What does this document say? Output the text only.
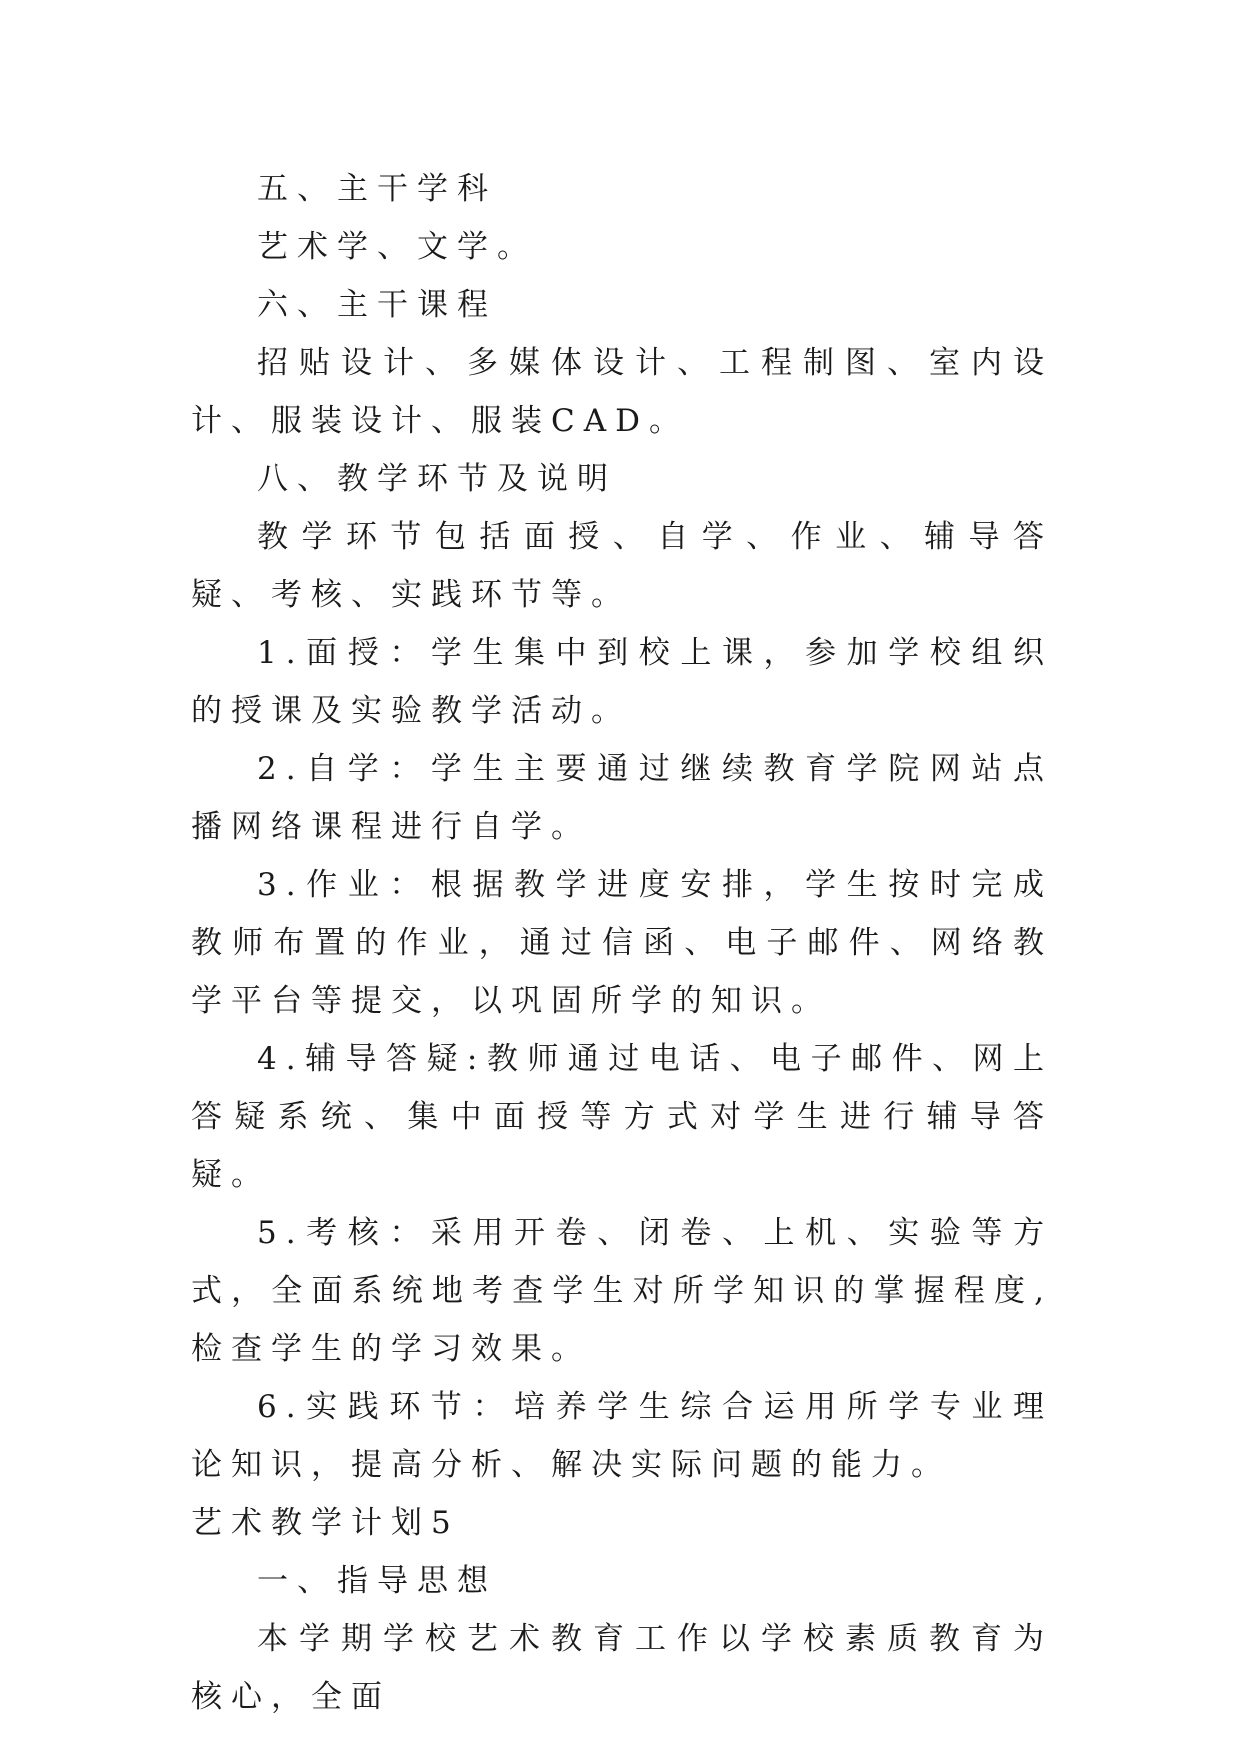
五、主干学科

艺术学、文学。

六、主干课程

招贴设计、多媒体设计、工程制图、室内设计、服装设计、服装CAD。

八、教学环节及说明

教学环节包括面授、自学、作业、辅导答疑、考核、实践环节等。

1.面授：学生集中到校上课，参加学校组织的授课及实验教学活动。

2.自学：学生主要通过继续教育学院网站点播网络课程进行自学。

3.作业：根据教学进度安排，学生按时完成教师布置的作业，通过信函、电子邮件、网络教学平台等提交，以巩固所学的知识。

4.辅导答疑:教师通过电话、电子邮件、网上答疑系统、集中面授等方式对学生进行辅导答疑。

5.考核：采用开卷、闭卷、上机、实验等方式，全面系统地考查学生对所学知识的掌握程度,检查学生的学习效果。

6.实践环节：培养学生综合运用所学专业理论知识，提高分析、解决实际问题的能力。

艺术教学计划5

一、指导思想

本学期学校艺术教育工作以学校素质教育为核心，全面
